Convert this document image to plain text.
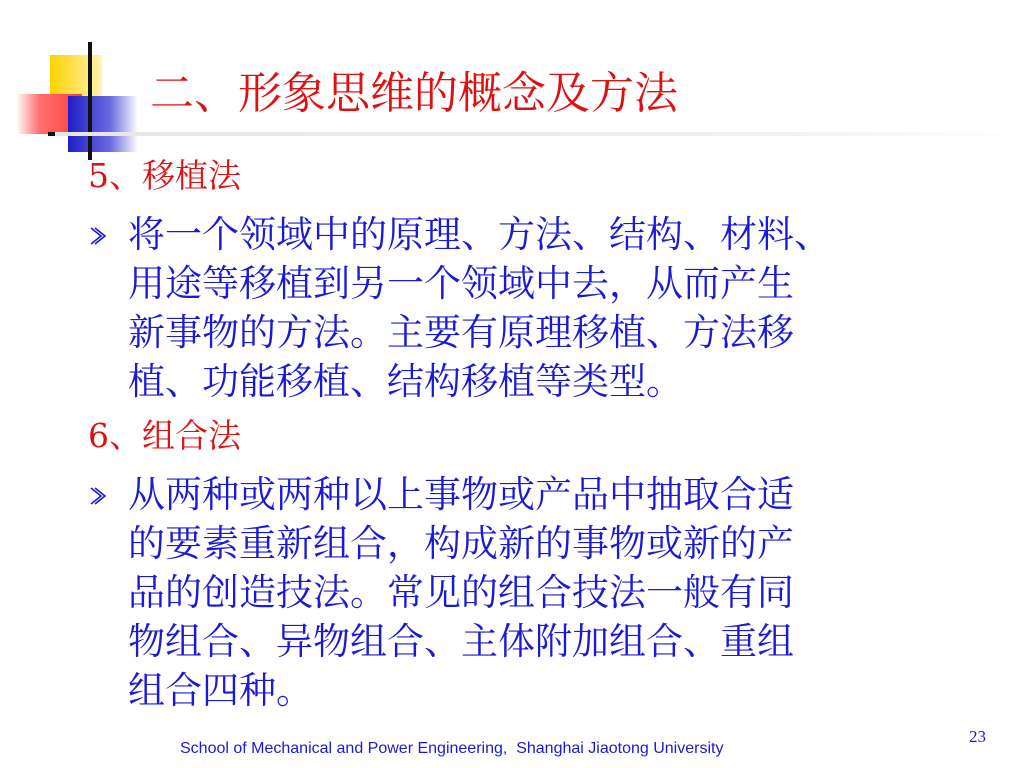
二、形象思维的概念及方法
5、移植法
将一个领域中的原理、方法、结构、材料、
用途等移植到另一个领域中去，从而产生
新事物的方法。主要有原理移植、方法移
植、功能移植、结构移植等类型。
6、组合法
从两种或两种以上事物或产品中抽取合适
的要素重新组合，构成新的事物或新的产
品的创造技法。常见的组合技法一般有同
物组合、异物组合、主体附加组合、重组
组合四种。
School of Mechanical and Power Engineering,  Shanghai Jiaotong University
23
